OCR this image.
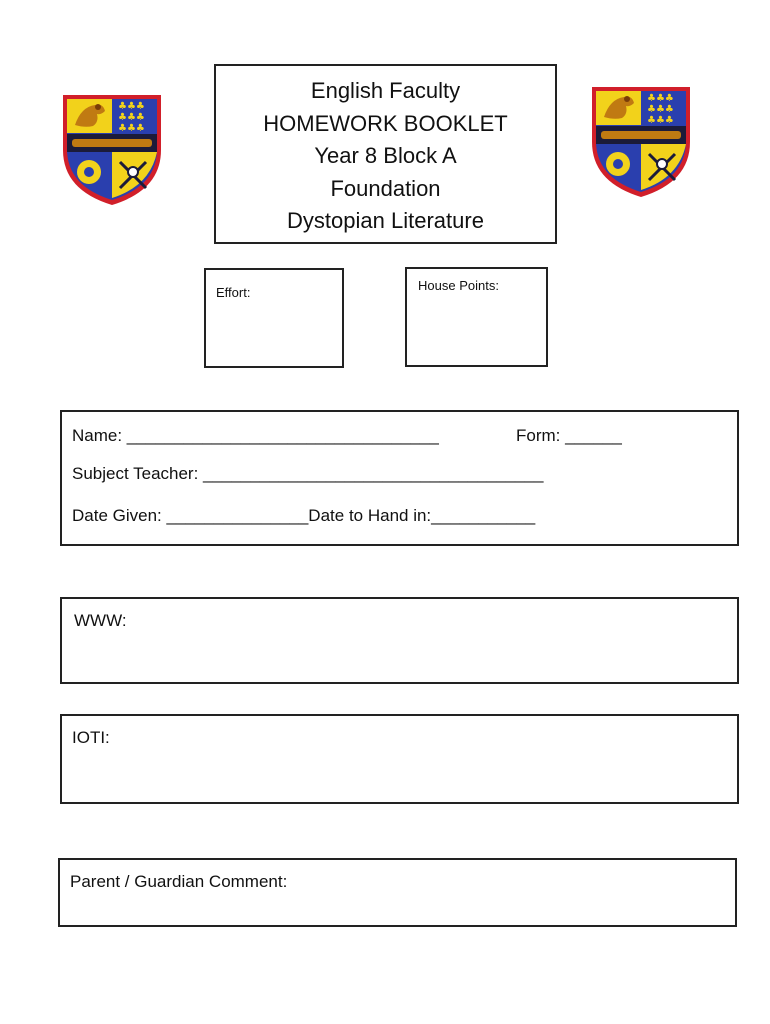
♣♣♣
♣♣♣
♣♣♣
♣♣♣
♣♣♣
♣♣♣
English Faculty
HOMEWORK BOOKLET
Year 8 Block A
Foundation
Dystopian Literature
Effort:	House Points:
Name: _________________________________	Form: ______
Subject Teacher: ____________________________________
Date Given: _______________Date to Hand in:___________
WWW:
IOTI:
Parent / Guardian Comment:
